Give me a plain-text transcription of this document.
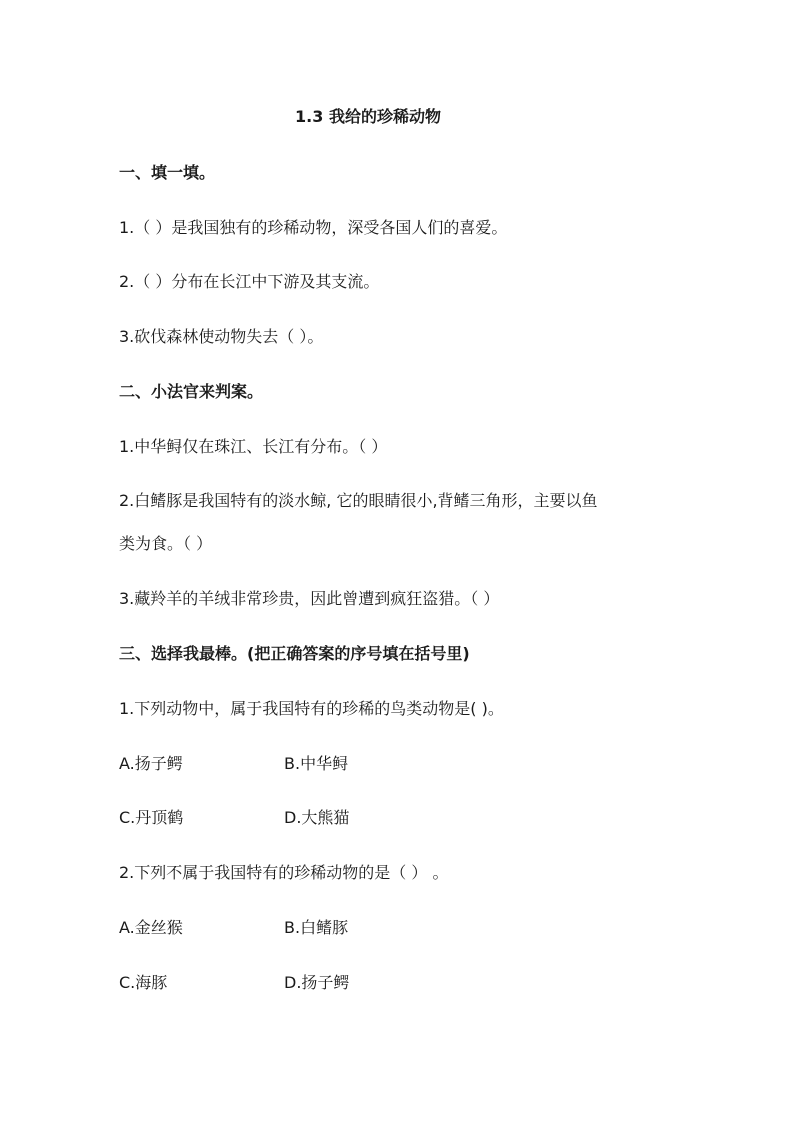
1.3 我给的珍稀动物
一、填一填。
1.（ ）是我国独有的珍稀动物，深受各国人们的喜爱。
2.（ ）分布在长江中下游及其支流。
3.砍伐森林使动物失去（ ）。
二、小法官来判案。
1.中华鲟仅在珠江、长江有分布。（ ）
2.白鳍豚是我国特有的淡水鲸, 它的眼睛很小,背鳍三角形，主要以鱼
类为食。（ ）
3.藏羚羊的羊绒非常珍贵，因此曾遭到疯狂盗猎。（ ）
三、选择我最棒。(把正确答案的序号填在括号里)
1.下列动物中，属于我国特有的珍稀的鸟类动物是( )。
A.扬子鳄	B.中华鲟
C.丹顶鹤	D.大熊猫
2.下列不属于我国特有的珍稀动物的是（ ） 。
A.金丝猴	B.白鳍豚
C.海豚	D.扬子鳄
